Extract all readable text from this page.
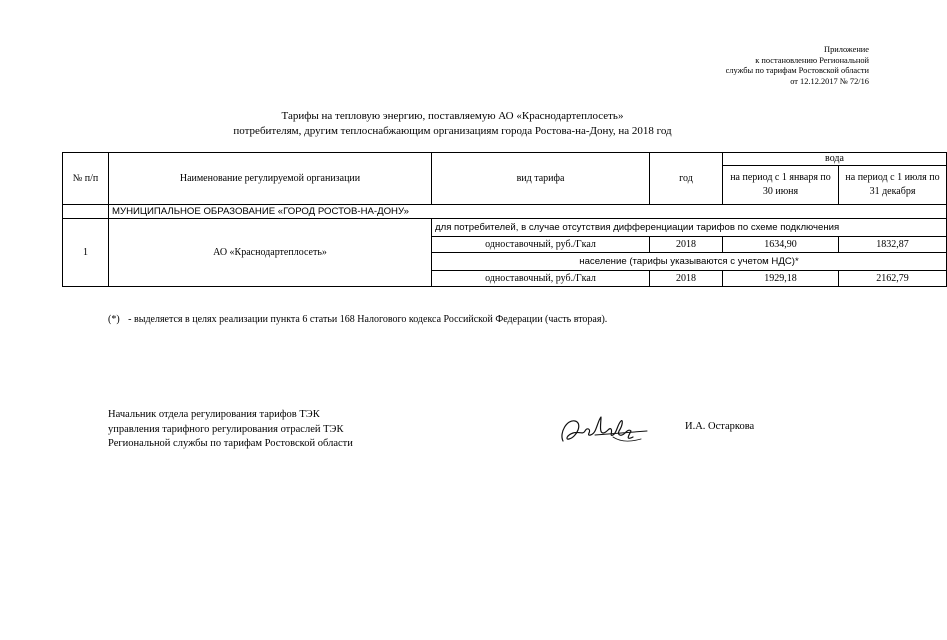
Приложение
к постановлению Региональной
службы по тарифам Ростовской области
от 12.12.2017 № 72/16
Тарифы на тепловую энергию, поставляемую АО «Краснодартеплосеть»
потребителям, другим теплоснабжающим организациям города Ростова-на-Дону, на 2018 год
№ п/п	Наименование регулируемой организации	вид тарифа	год	вода	
				на период с 1 января по 30 июня	на период с 1 июля по 31 декабря
	МУНИЦИПАЛЬНОЕ ОБРАЗОВАНИЕ «ГОРОД РОСТОВ-НА-ДОНУ»				
1	АО «Краснодартеплосеть»	для потребителей, в случае отсутствия дифференциации тарифов по схеме подключения			
		одноставочный, руб./Гкал	2018	1634,90	1832,87
		население (тарифы указываются с учетом НДС)*			
		одноставочный, руб./Гкал	2018	1929,18	2162,79
(*) - выделяется в целях реализации пункта 6 статьи 168 Налогового кодекса Российской Федерации (часть вторая).
Начальник отдела регулирования тарифов ТЭК
управления тарифного регулирования отраслей ТЭК
Региональной службы по тарифам Ростовской области
И.А. Остаркова
